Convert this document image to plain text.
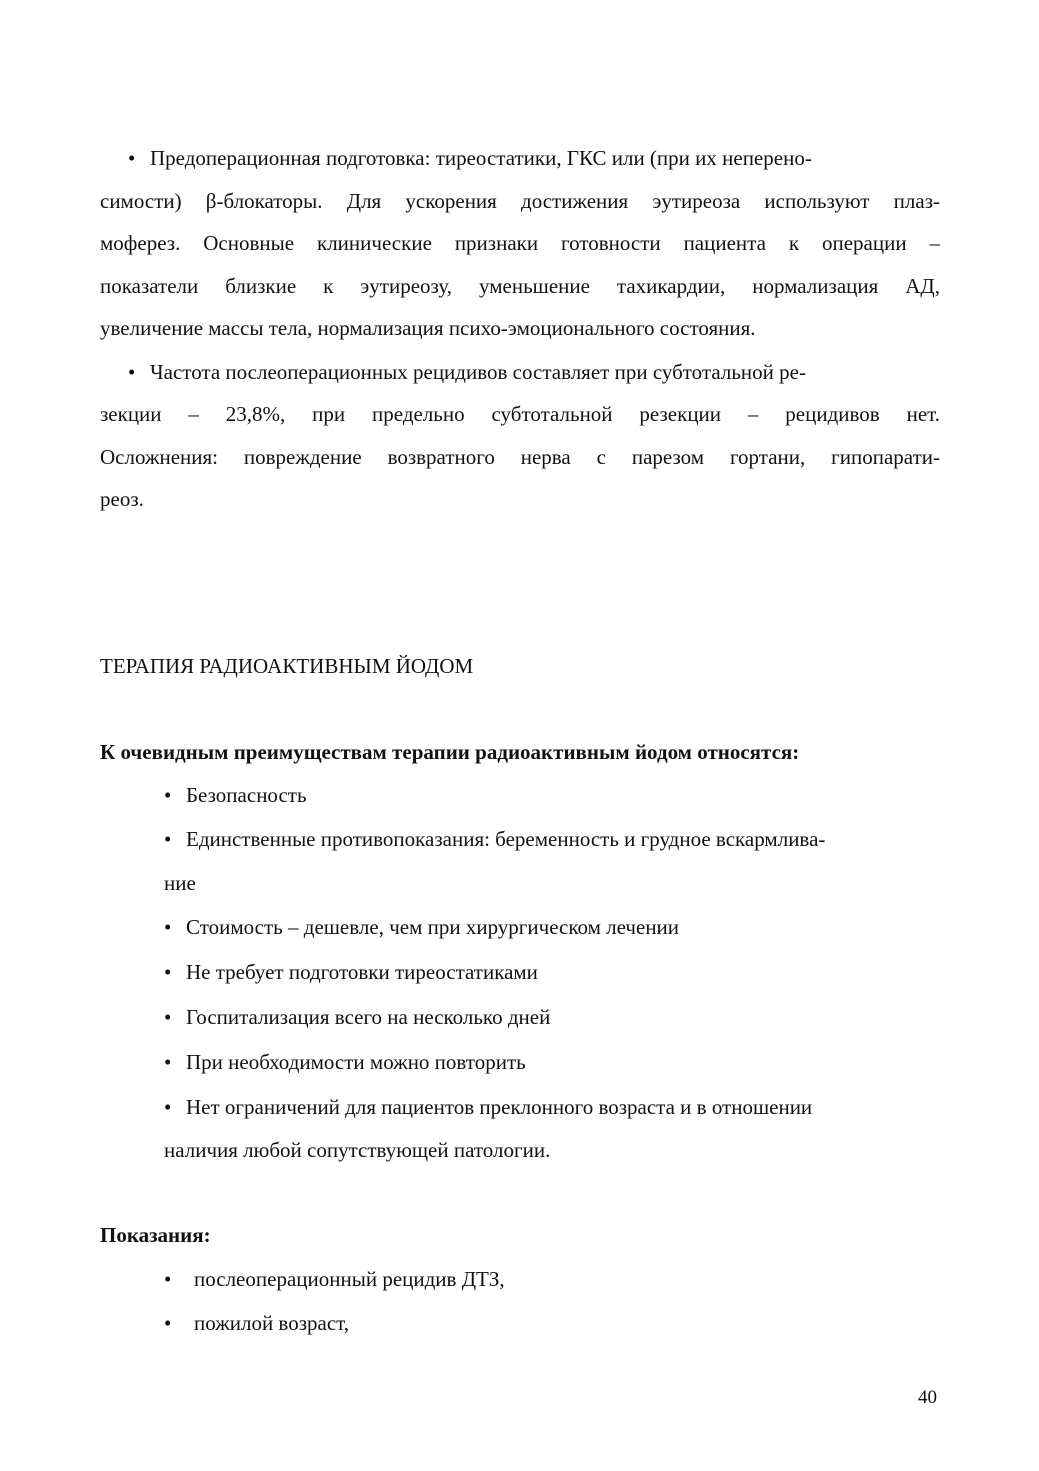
• Предоперационная подготовка: тиреостатики, ГКС или (при их неперено-

симости) β-блокаторы. Для ускорения достижения эутиреоза используют плаз-

моферез. Основные клинические признаки готовности пациента к операции –

показатели близкие к эутиреозу, уменьшение тахикардии, нормализация АД,

увеличение массы тела, нормализация психо-эмоционального состояния.

• Частота послеоперационных рецидивов составляет при субтотальной ре-

зекции – 23,8%, при предельно субтотальной резекции – рецидивов нет.

Осложнения: повреждение возвратного нерва с парезом гортани, гипопарати-

реоз.

ТЕРАПИЯ РАДИОАКТИВНЫМ ЙОДОМ

К очевидным преимуществам терапии радиоактивным йодом относятся:

• Безопасность

• Единственные противопоказания: беременность и грудное вскармлива-

ние

• Стоимость – дешевле, чем при хирургическом лечении

• Не требует подготовки тиреостатиками

• Госпитализация всего на несколько дней

• При необходимости можно повторить

• Нет ограничений для пациентов преклонного возраста и в отношении

наличия любой сопутствующей патологии.

Показания:

• послеоперационный рецидив ДТЗ,

• пожилой возраст,

40
